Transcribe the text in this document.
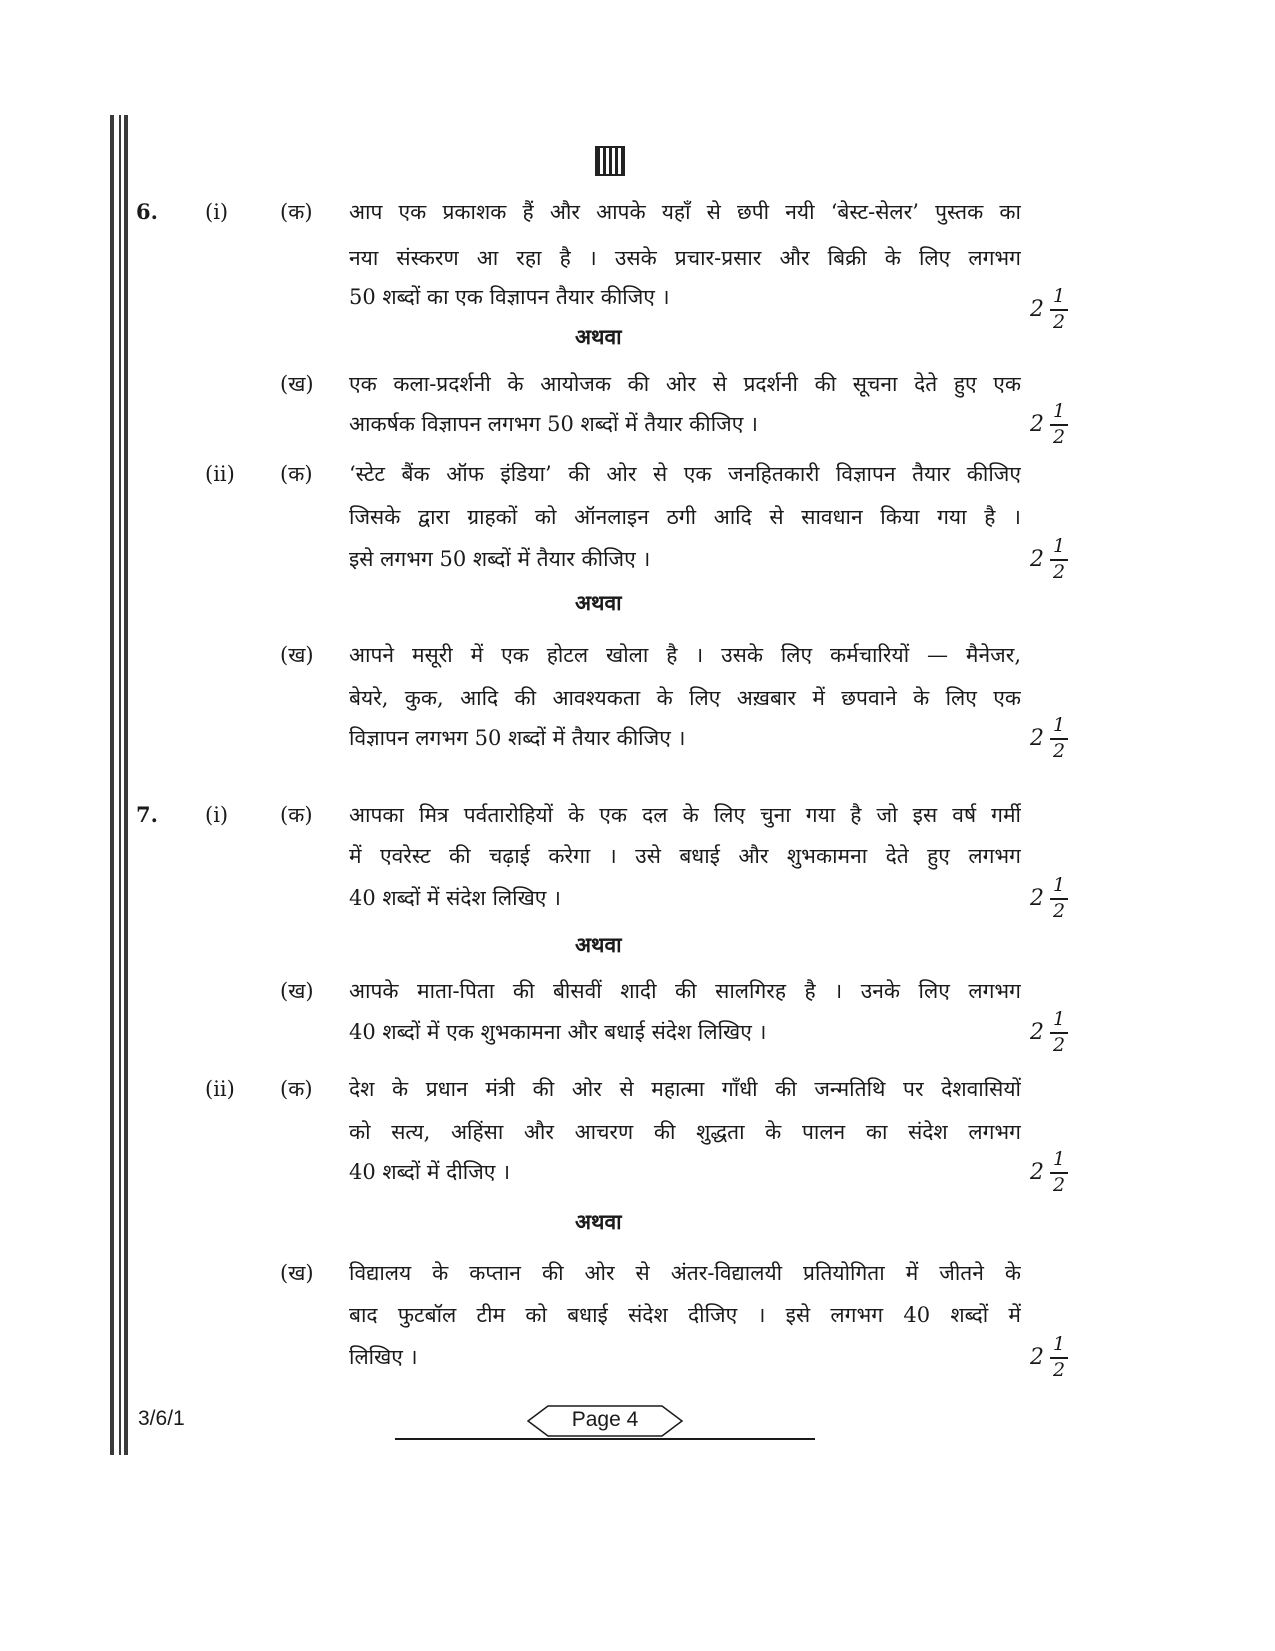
6. (i) (क) आप एक प्रकाशक हैं और आपके यहाँ से छपी नयी ‘बेस्ट-सेलर’ पुस्तक का
नया संस्करण आ रहा है । उसके प्रचार-प्रसार और बिक्री के लिए लगभग
50 शब्दों का एक विज्ञापन तैयार कीजिए ।	2
1
2
(ख) एक कला-प्रदर्शनी के आयोजक की ओर से प्रदर्शनी की सूचना देते हुए एक
आकर्षक विज्ञापन लगभग 50 शब्दों में तैयार कीजिए ।	2
1
2
अथवा
(ii) (क) ‘स्टेट बैंक ऑफ इंडिया’ की ओर से एक जनहितकारी विज्ञापन तैयार कीजिए
जिसके द्वारा ग्राहकों को ऑनलाइन ठगी आदि से सावधान किया गया है ।
इसे लगभग 50 शब्दों में तैयार कीजिए ।	2
1
2
(ख) आपने मसूरी में एक होटल खोला है । उसके लिए कर्मचारियों — मैनेजर,
बेयरे, कुक, आदि की आवश्यकता के लिए अख़बार में छपवाने के लिए एक
विज्ञापन लगभग 50 शब्दों में तैयार कीजिए ।	2
1
2
अथवा
7. (i) (क) आपका मित्र पर्वतारोहियों के एक दल के लिए चुना गया है जो इस वर्ष गर्मी
में एवरेस्ट की चढ़ाई करेगा । उसे बधाई और शुभकामना देते हुए लगभग
40 शब्दों में संदेश लिखिए ।	2
1
2
(ख) आपके माता-पिता की बीसवीं शादी की सालगिरह है । उनके लिए लगभग
40 शब्दों में एक शुभकामना और बधाई संदेश लिखिए ।	2
1
2
अथवा
(ii) (क) देश के प्रधान मंत्री की ओर से महात्मा गाँधी की जन्मतिथि पर देशवासियों
को सत्य, अहिंसा और आचरण की शुद्धता के पालन का संदेश लगभग
40 शब्दों में दीजिए ।	2
1
2
(ख) विद्यालय के कप्तान की ओर से अंतर-विद्यालयी प्रतियोगिता में जीतने के
बाद फुटबॉल टीम को बधाई संदेश दीजिए । इसे लगभग 40 शब्दों में
लिखिए ।	2
1
2
अथवा
3/6/1	Page 4
